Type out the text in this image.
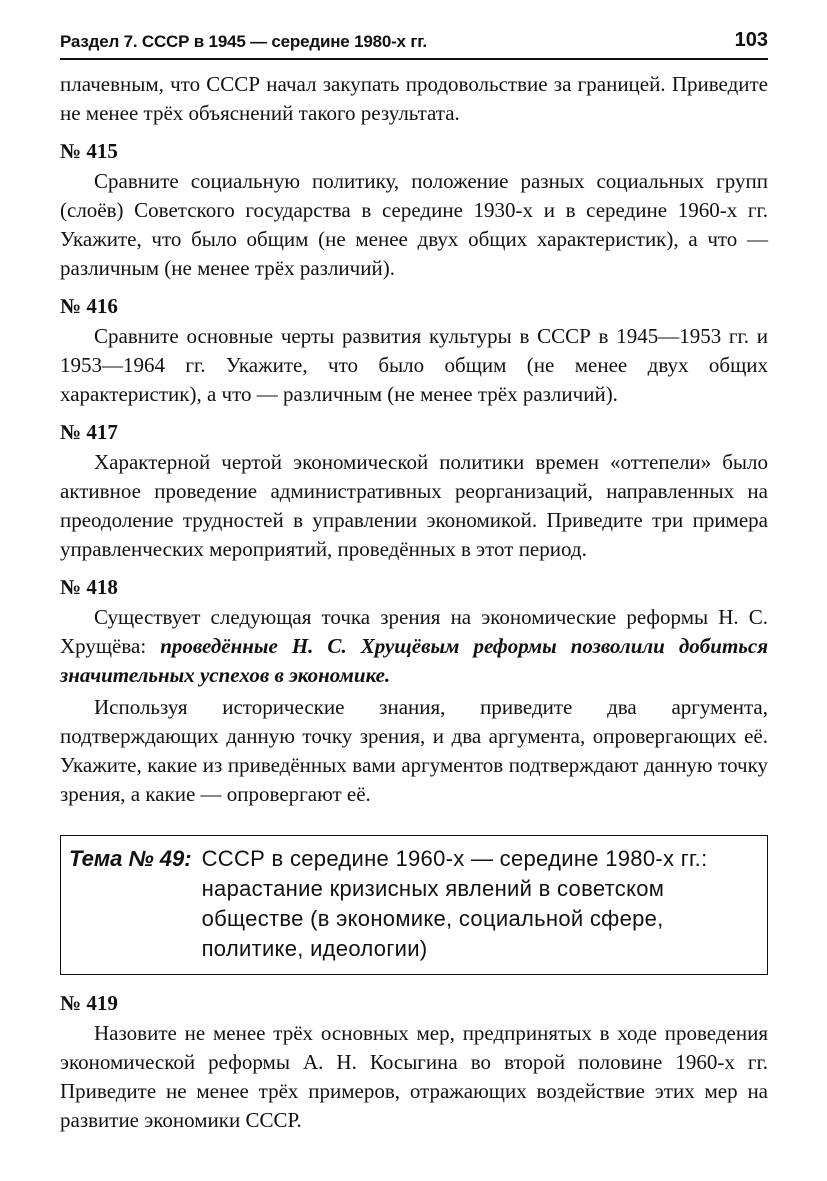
Раздел 7. СССР в 1945 — середине 1980-х гг.	103

плачевным, что СССР начал закупать продовольствие за границей. Приведите не менее трёх объяснений такого результата.

№ 415

Сравните социальную политику, положение разных социальных групп (слоёв) Советского государства в середине 1930-х и в середине 1960-х гг. Укажите, что было общим (не менее двух общих характеристик), а что — различным (не менее трёх различий).

№ 416

Сравните основные черты развития культуры в СССР в 1945—1953 гг. и 1953—1964 гг. Укажите, что было общим (не менее двух общих характеристик), а что — различным (не менее трёх различий).

№ 417

Характерной чертой экономической политики времен «оттепели» было активное проведение административных реорганизаций, направленных на преодоление трудностей в управлении экономикой. Приведите три примера управленческих мероприятий, проведённых в этот период.

№ 418

Существует следующая точка зрения на экономические реформы Н. С. Хрущёва: проведённые Н. С. Хрущёвым реформы позволили добиться значительных успехов в экономике.

Используя исторические знания, приведите два аргумента, подтверждающих данную точку зрения, и два аргумента, опровергающих её. Укажите, какие из приведённых вами аргументов подтверждают данную точку зрения, а какие — опровергают её.

Тема № 49: СССР в середине 1960-х — середине 1980-х гг.: нарастание кризисных явлений в советском обществе (в экономике, социальной сфере, политике, идеологии)
№ 419

Назовите не менее трёх основных мер, предпринятых в ходе проведения экономической реформы А. Н. Косыгина во второй половине 1960-х гг. Приведите не менее трёх примеров, отражающих воздействие этих мер на развитие экономики СССР.
